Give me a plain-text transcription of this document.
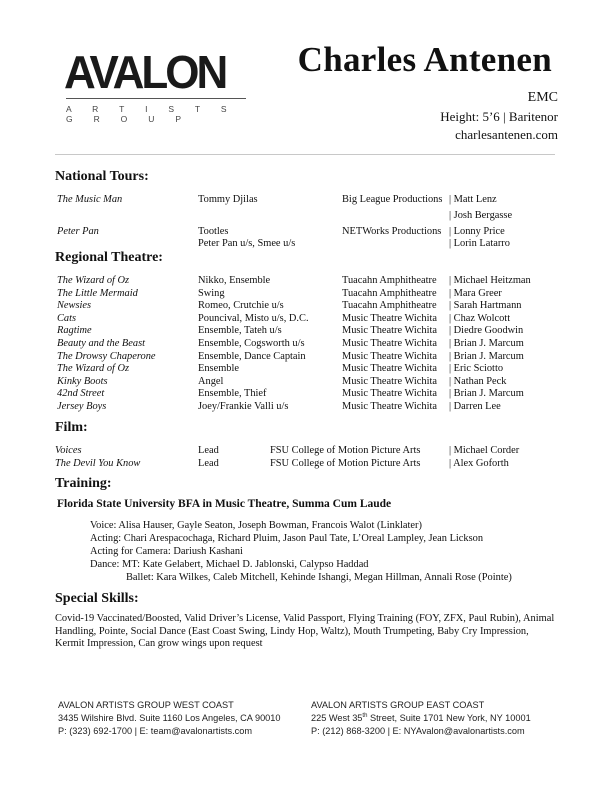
AVALON
A R T I S T S G R O U P
Charles Antenen
EMC
Height: 5’6 | Baritenor
charlesantenen.com
National Tours:
The Music Man	Tommy Djilas	Big League Productions | Matt Lenz
| Josh Bergasse
Peter Pan	Tootles	NETWorks Productions | Lonny Price
Peter Pan u/s, Smee u/s	| Lorin Latarro
Regional Theatre:
The Wizard of Oz	Nikko, Ensemble	Tuacahn Amphitheatre | Michael Heitzman
The Little Mermaid	Swing	Tuacahn Amphitheatre | Mara Greer
Newsies	Romeo, Crutchie u/s	Tuacahn Amphitheatre | Sarah Hartmann
Cats	Pouncival, Misto u/s, D.C.	Music Theatre Wichita | Chaz Wolcott
Ragtime	Ensemble, Tateh u/s	Music Theatre Wichita | Diedre Goodwin
Beauty and the Beast	Ensemble, Cogsworth u/s	Music Theatre Wichita | Brian J. Marcum
The Drowsy Chaperone	Ensemble, Dance Captain	Music Theatre Wichita | Brian J. Marcum
The Wizard of Oz	Ensemble	Music Theatre Wichita | Eric Sciotto
Kinky Boots	Angel	Music Theatre Wichita | Nathan Peck
42nd Street	Ensemble, Thief	Music Theatre Wichita | Brian J. Marcum
Jersey Boys	Joey/Frankie Valli u/s	Music Theatre Wichita | Darren Lee
Film:
Voices	Lead	FSU College of Motion Picture Arts	| Michael Corder
The Devil You Know	Lead	FSU College of Motion Picture Arts	| Alex Goforth
Training:
Florida State University BFA in Music Theatre, Summa Cum Laude
Voice: Alisa Hauser, Gayle Seaton, Joseph Bowman, Francois Walot (Linklater)
Acting: Chari Arespacochaga, Richard Pluim, Jason Paul Tate, L’Oreal Lampley, Jean Lickson
Acting for Camera: Dariush Kashani
Dance: MT: Kate Gelabert, Michael D. Jablonski, Calypso Haddad
Ballet: Kara Wilkes, Caleb Mitchell, Kehinde Ishangi, Megan Hillman, Annali Rose (Pointe)
Special Skills:
Covid-19 Vaccinated/Boosted, Valid Driver’s License, Valid Passport, Flying Training (FOY, ZFX, Paul Rubin), Animal Handling, Pointe, Social Dance (East Coast Swing, Lindy Hop, Waltz), Mouth Trumpeting, Baby Cry Impression, Kermit Impression, Can grow wings upon request
AVALON ARTISTS GROUP WEST COAST
3435 Wilshire Blvd. Suite 1160 Los Angeles, CA 90010
P: (323) 692-1700 | E: team@avalonartists.com
AVALON ARTISTS GROUP EAST COAST
225 West 35th Street, Suite 1701 New York, NY 10001
P: (212) 868-3200 | E: NYAvalon@avalonartists.com
